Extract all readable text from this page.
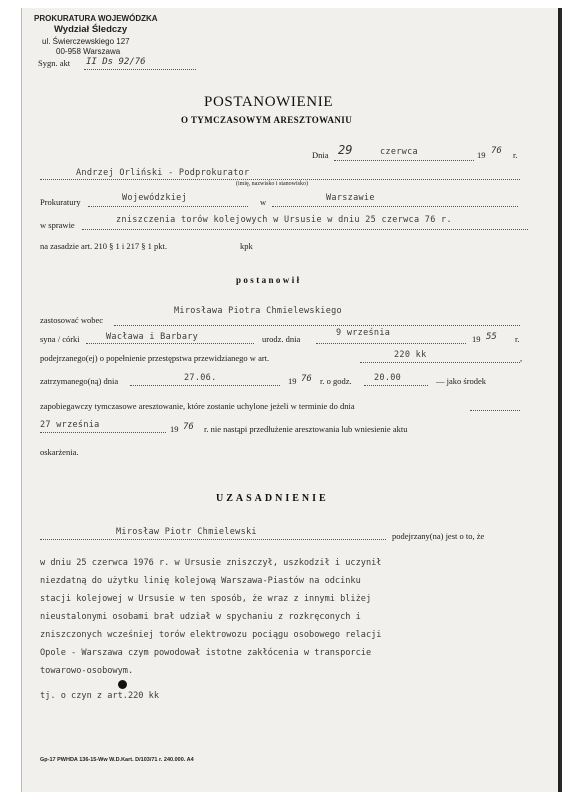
PROKURATURA WOJEWÓDZKA
Wydział Śledczy
ul. Świerczewskiego 127
00-958 Warszawa
Sygn. akt II Ds 92/76
POSTANOWIENIE
O TYMCZASOWYM ARESZTOWANIU
Dnia 29	czerwca	19 76 r.
Andrzej Orliński - Podprokurator
(imię, nazwisko i stanowisko)
Prokuratury	Wojewódzkiej	w	Warszawie
w sprawie	zniszczenia torów kolejowych w Ursusie w dniu 25 czerwca 76 r.
na zasadzie art. 210 § 1 i 217 § 1 pkt.	kpk
postanowił
zastosować wobec
Mirosława Piotra Chmielewskiego
syna / córki	Wacława i Barbary	urodz. dnia
9 września
19 55 r.
podejrzanego(ej) o popełnienie przestępstwa przewidzianego w art.	220 kk	,
zatrzymanego(ną) dnia	27.06.	19 76 r. o godz.	20.00	— jako środek
zapobiegawczy tymczasowe aresztowanie, które zostanie uchylone jeżeli w terminie do dnia
27 września	19 76 r. nie nastąpi przedłużenie aresztowania lub wniesienie aktu
oskarżenia.
UZASADNIENIE
Mirosław Piotr Chmielewski	podejrzany(na) jest o to, że
w dniu 25 czerwca 1976 r. w Ursusie zniszczył, uszkodził i uczynił
niezdatną do użytku linię kolejową Warszawa-Piastów na odcinku
stacji kolejowej w Ursusie w ten sposób, że wraz z innymi bliżej
nieustalonymi osobami brał udział w spychaniu z rozkręconych i
zniszczonych wcześniej torów elektrowozu pociągu osobowego relacji
Opole - Warszawa czym powodował istotne zakłócenia w transporcie
towarowo-osobowym.
tj. o czyn z art.220 kk
Gp-17 PWHDA 136-15-Ww W.D.Kart. D/103/71 r. 240.000. A4
